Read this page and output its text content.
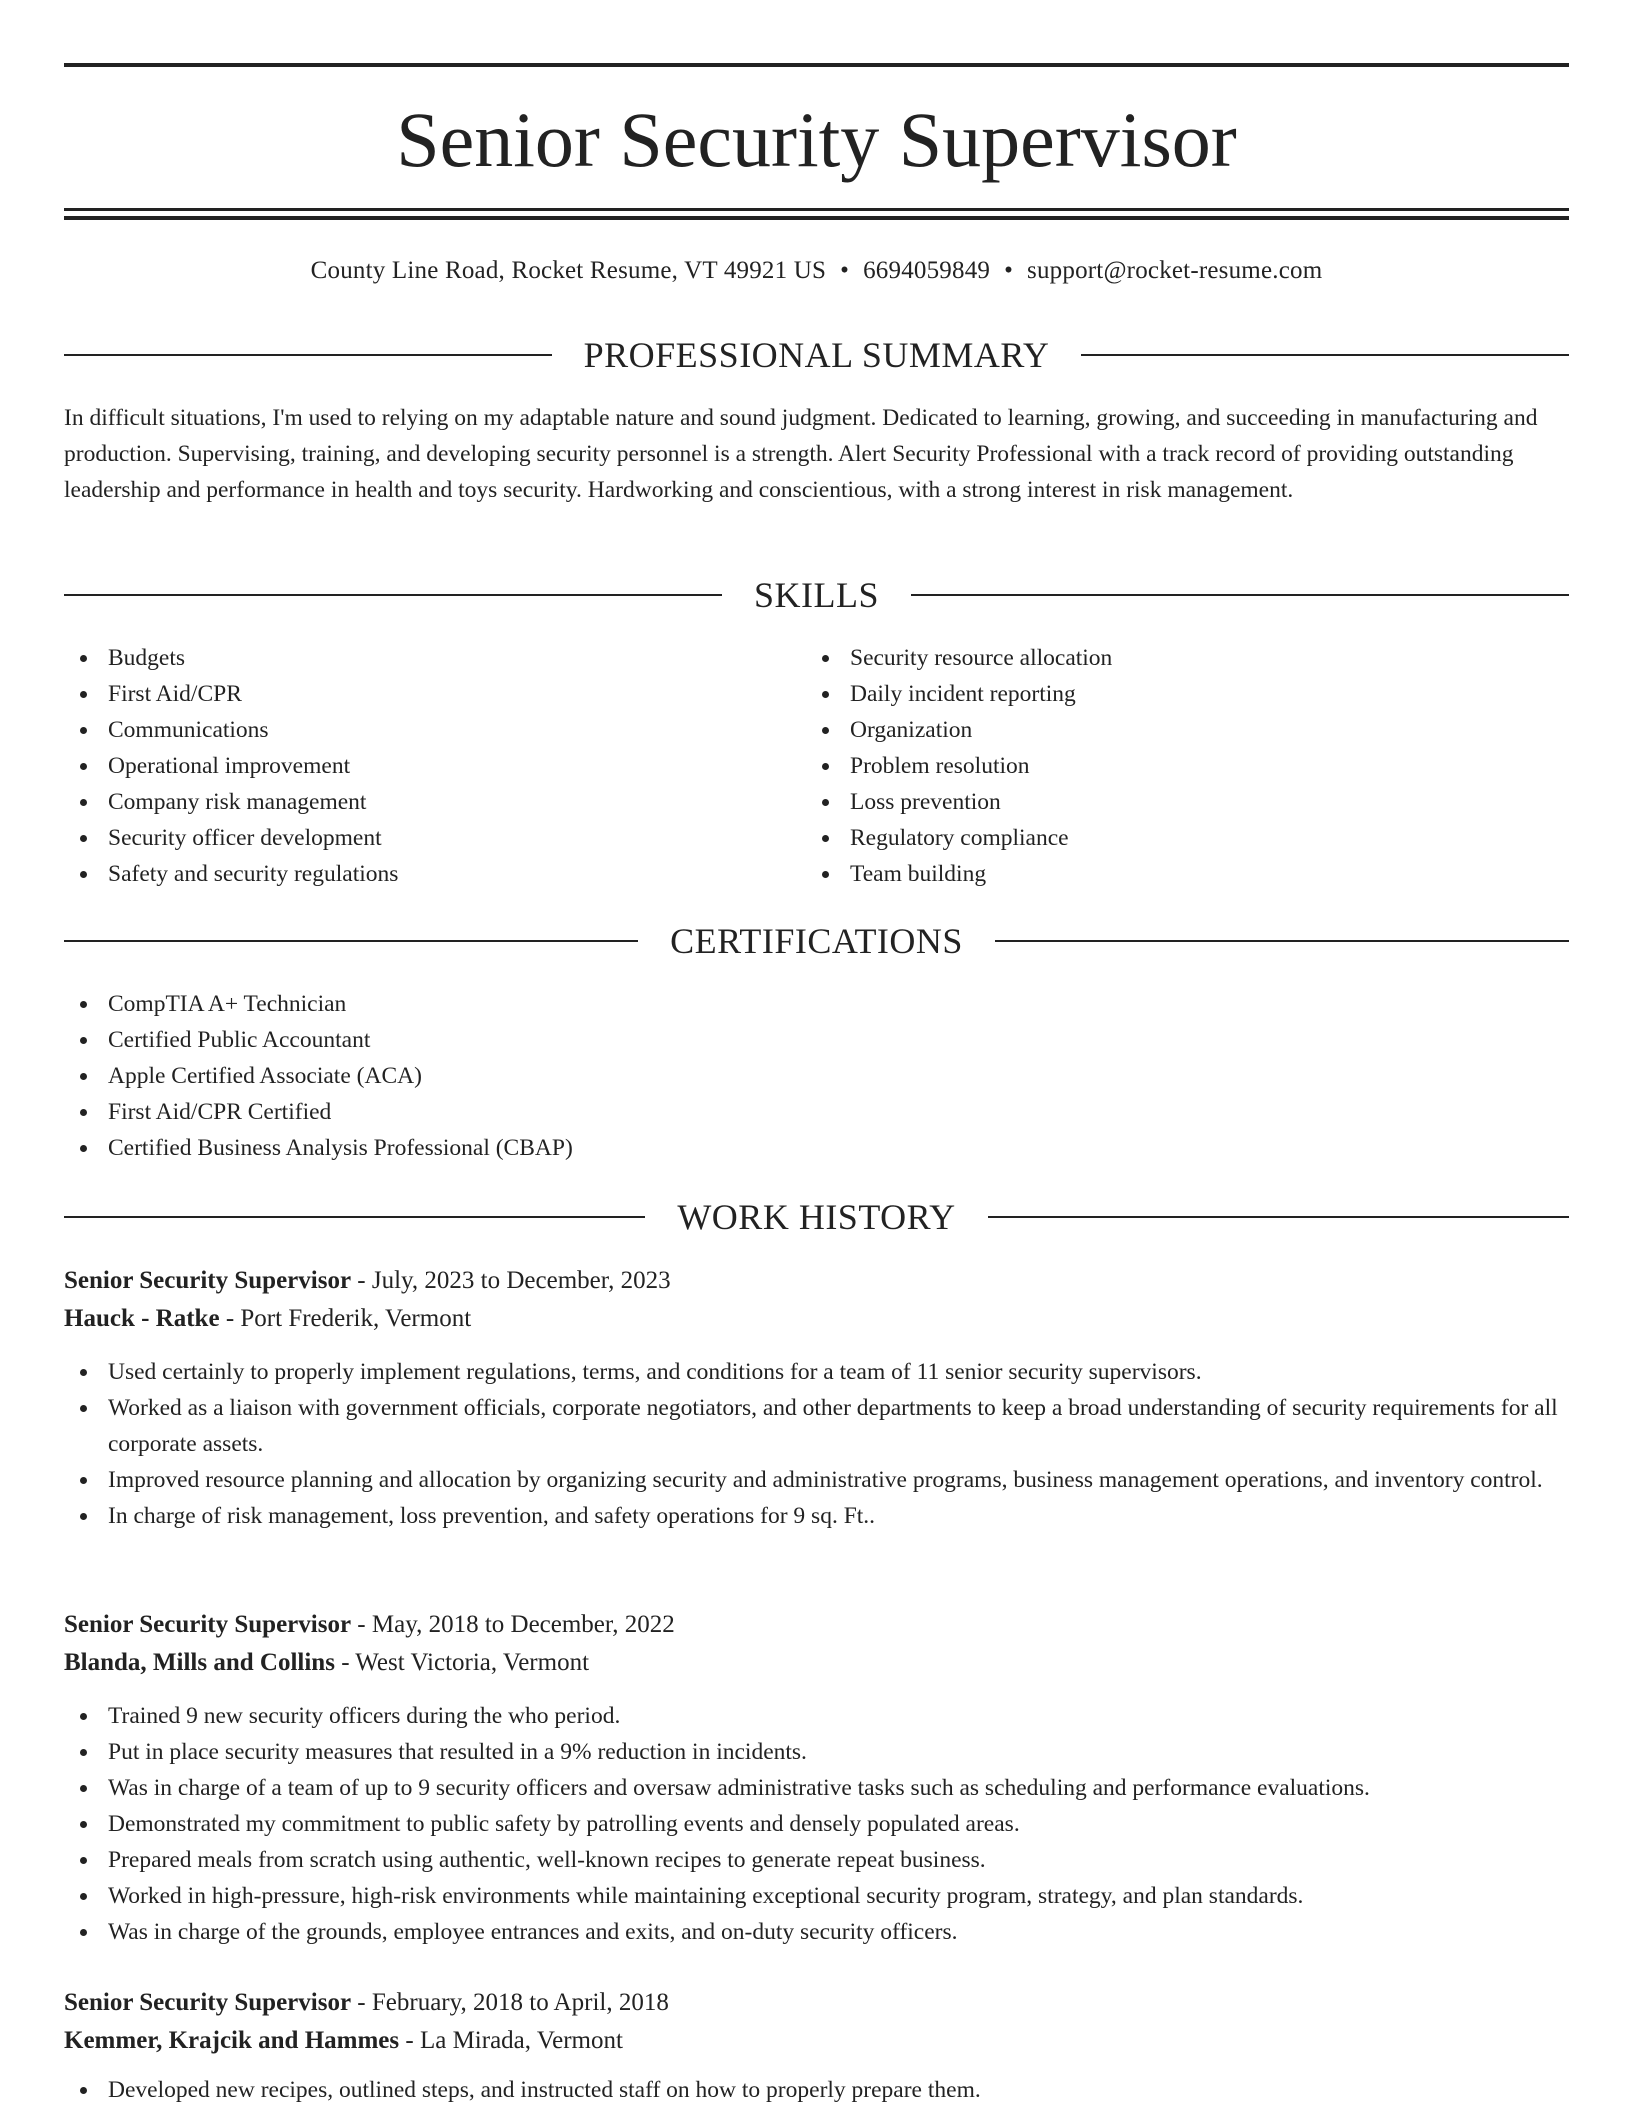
Senior Security Supervisor
County Line Road, Rocket Resume, VT 49921 US • 6694059849 • support@rocket-resume.com
PROFESSIONAL SUMMARY

In difficult situations, I'm used to relying on my adaptable nature and sound judgment. Dedicated to learning, growing, and succeeding in manufacturing and production. Supervising, training, and developing security personnel is a strength. Alert Security Professional with a track record of providing outstanding leadership and performance in health and toys security. Hardworking and conscientious, with a strong interest in risk management.

SKILLS
Budgets
First Aid/CPR
Communications
Operational improvement
Company risk management
Security officer development
Safety and security regulations
Security resource allocation
Daily incident reporting
Organization
Problem resolution
Loss prevention
Regulatory compliance
Team building
CERTIFICATIONS
CompTIA A+ Technician
Certified Public Accountant
Apple Certified Associate (ACA)
First Aid/CPR Certified
Certified Business Analysis Professional (CBAP)
WORK HISTORY
Senior Security Supervisor - July, 2023 to December, 2023
Hauck - Ratke - Port Frederik, Vermont
Used certainly to properly implement regulations, terms, and conditions for a team of 11 senior security supervisors.
Worked as a liaison with government officials, corporate negotiators, and other departments to keep a broad understanding of security requirements for all corporate assets.
Improved resource planning and allocation by organizing security and administrative programs, business management operations, and inventory control.
In charge of risk management, loss prevention, and safety operations for 9 sq. Ft..
Senior Security Supervisor - May, 2018 to December, 2022
Blanda, Mills and Collins - West Victoria, Vermont
Trained 9 new security officers during the who period.
Put in place security measures that resulted in a 9% reduction in incidents.
Was in charge of a team of up to 9 security officers and oversaw administrative tasks such as scheduling and performance evaluations.
Demonstrated my commitment to public safety by patrolling events and densely populated areas.
Prepared meals from scratch using authentic, well-known recipes to generate repeat business.
Worked in high-pressure, high-risk environments while maintaining exceptional security program, strategy, and plan standards.
Was in charge of the grounds, employee entrances and exits, and on-duty security officers.
Senior Security Supervisor - February, 2018 to April, 2018
Kemmer, Krajcik and Hammes - La Mirada, Vermont
Developed new recipes, outlined steps, and instructed staff on how to properly prepare them.
